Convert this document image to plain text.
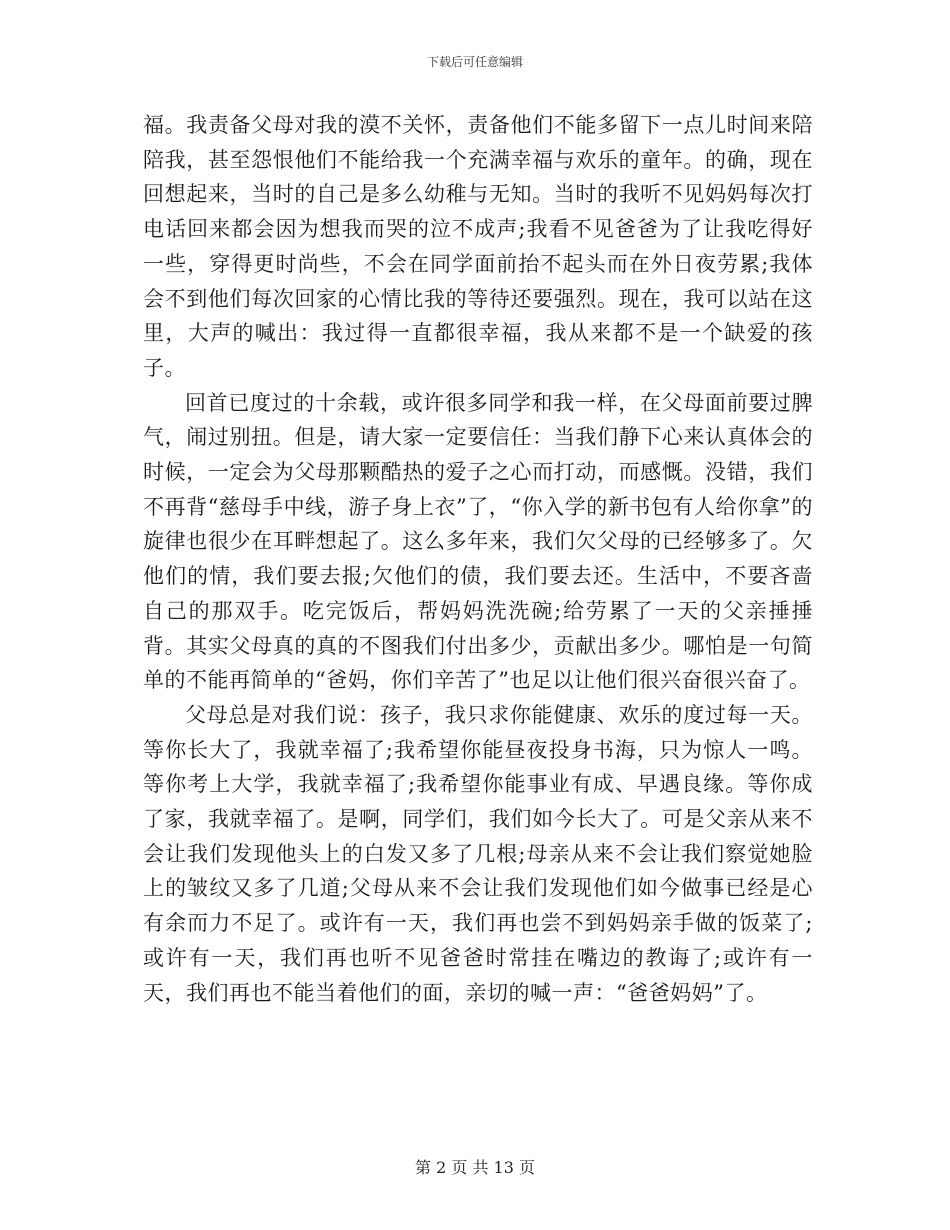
下载后可任意编辑

福。我责备父母对我的漠不关怀，责备他们不能多留下一点儿时间来陪陪我，甚至怨恨他们不能给我一个充满幸福与欢乐的童年。的确，现在回想起来，当时的自己是多么幼稚与无知。当时的我听不见妈妈每次打电话回来都会因为想我而哭的泣不成声;我看不见爸爸为了让我吃得好一些，穿得更时尚些，不会在同学面前抬不起头而在外日夜劳累;我体会不到他们每次回家的心情比我的等待还要强烈。现在，我可以站在这里，大声的喊出：我过得一直都很幸福，我从来都不是一个缺爱的孩子。

回首已度过的十余载，或许很多同学和我一样，在父母面前要过脾气，闹过别扭。但是，请大家一定要信任：当我们静下心来认真体会的时候，一定会为父母那颗酷热的爱子之心而打动，而感慨。没错，我们不再背“慈母手中线，游子身上衣”了，“你入学的新书包有人给你拿”的旋律也很少在耳畔想起了。这么多年来，我们欠父母的已经够多了。欠他们的情，我们要去报;欠他们的债，我们要去还。生活中，不要吝啬自己的那双手。吃完饭后，帮妈妈洗洗碗;给劳累了一天的父亲捶捶背。其实父母真的真的不图我们付出多少，贡献出多少。哪怕是一句简单的不能再简单的“爸妈，你们辛苦了”也足以让他们很兴奋很兴奋了。

父母总是对我们说：孩子，我只求你能健康、欢乐的度过每一天。等你长大了，我就幸福了;我希望你能昼夜投身书海，只为惊人一鸣。等你考上大学，我就幸福了;我希望你能事业有成、早遇良缘。等你成了家，我就幸福了。是啊，同学们，我们如今长大了。可是父亲从来不会让我们发现他头上的白发又多了几根;母亲从来不会让我们察觉她脸上的皱纹又多了几道;父母从来不会让我们发现他们如今做事已经是心有余而力不足了。或许有一天，我们再也尝不到妈妈亲手做的饭菜了;或许有一天，我们再也听不见爸爸时常挂在嘴边的教诲了;或许有一天，我们再也不能当着他们的面，亲切的喊一声：“爸爸妈妈”了。

第 2 页 共 13 页
